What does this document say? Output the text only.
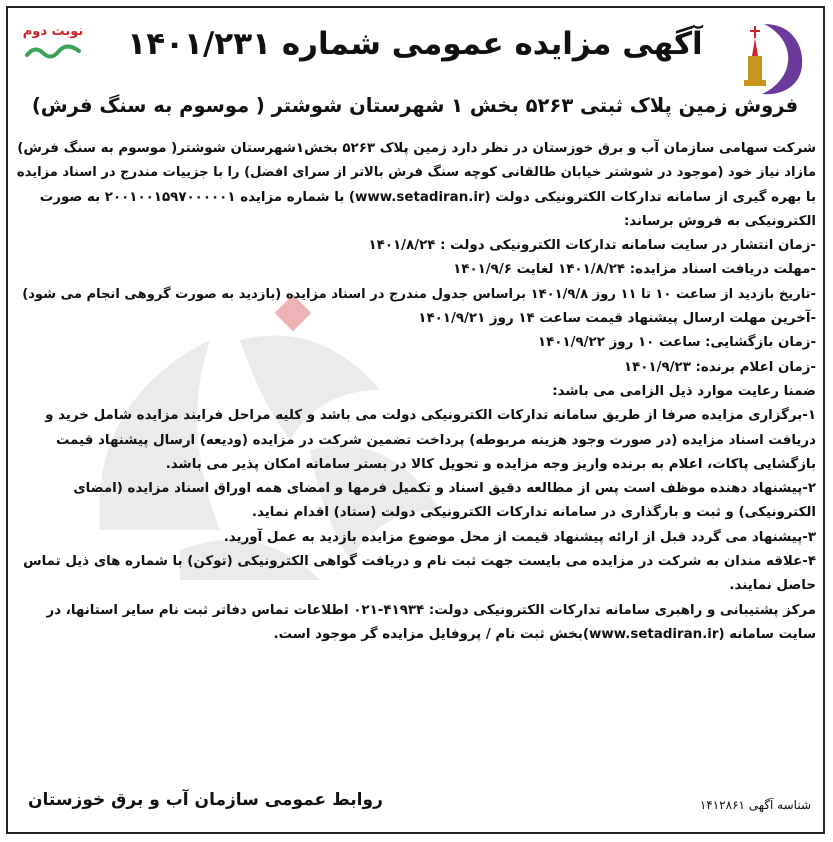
نوبت دوم	آگهی مزایده عمومی شماره ۱۴۰۱/۲۳۱
فروش زمین پلاک ثبتی ۵۲۶۳ بخش ۱ شهرستان شوشتر ( موسوم به سنگ فرش)

شرکت سهامی سازمان آب و برق خوزستان در نظر دارد زمین پلاک ۵۲۶۳ بخش۱شهرستان شوشتر( موسوم به سنگ فرش)
مازاد نیاز خود (موجود در شوشتر خیابان طالقانی کوچه سنگ فرش بالاتر از سرای افضل) را با جزییات مندرج در اسناد مزایده
با بهره گیری از سامانه تدارکات الکترونیکی دولت (www.setadiran.ir) با شماره مزایده ۲۰۰۱۰۰۱۵۹۷۰۰۰۰۰۱ به صورت
الکترونیکی به فروش برساند:

-زمان انتشار در سایت سامانه تدارکات الکترونیکی دولت : ۱۴۰۱/۸/۲۴
-مهلت دریافت اسناد مزایده: ۱۴۰۱/۸/۲۴ لغایت ۱۴۰۱/۹/۶
-تاریخ بازدید از ساعت ۱۰ تا ۱۱ روز ۱۴۰۱/۹/۸ براساس جدول مندرج در اسناد مزایده (بازدید به صورت گروهی انجام می شود)
-آخرین مهلت ارسال پیشنهاد قیمت ساعت ۱۴ روز ۱۴۰۱/۹/۲۱
-زمان بازگشایی: ساعت ۱۰ روز ۱۴۰۱/۹/۲۲
-زمان اعلام برنده: ۱۴۰۱/۹/۲۳

ضمنا رعایت موارد ذیل الزامی می باشد:

۱-برگزاری مزایده صرفا از طریق سامانه تدارکات الکترونیکی دولت می باشد و کلیه مراحل فرایند مزایده شامل خرید و
دریافت اسناد مزایده (در صورت وجود هزینه مربوطه) پرداخت تضمین شرکت در مزایده (ودیعه) ارسال پیشنهاد قیمت
بازگشایی پاکات، اعلام به برنده واریز وجه مزایده و تحویل کالا در بستر سامانه امکان پذیر می باشد.

۲-پیشنهاد دهنده موظف است پس از مطالعه دقیق اسناد و تکمیل فرمها و امضای همه اوراق اسناد مزایده (امضای
الکترونیکی) و ثبت و بارگذاری در سامانه تدارکات الکترونیکی دولت (ستاد) اقدام نماید.

۳-پیشنهاد می گردد قبل از ارائه پیشنهاد قیمت از محل موضوع مزایده بازدید به عمل آورید.

۴-علاقه مندان به شرکت در مزایده می بایست جهت ثبت نام و دریافت گواهی الکترونیکی (توکن) با شماره های ذیل تماس
حاصل نمایند.

مرکز پشتیبانی و راهبری سامانه تدارکات الکترونیکی دولت: ۴۱۹۳۴-۰۲۱ اطلاعات تماس دفاتر ثبت نام سایر استانها، در
سایت سامانه (www.setadiran.ir)بخش ثبت نام / پروفایل مزایده گر موجود است.

روابط عمومی سازمان آب و برق خوزستان	شناسه آگهی ۱۴۱۲۸۶۱
